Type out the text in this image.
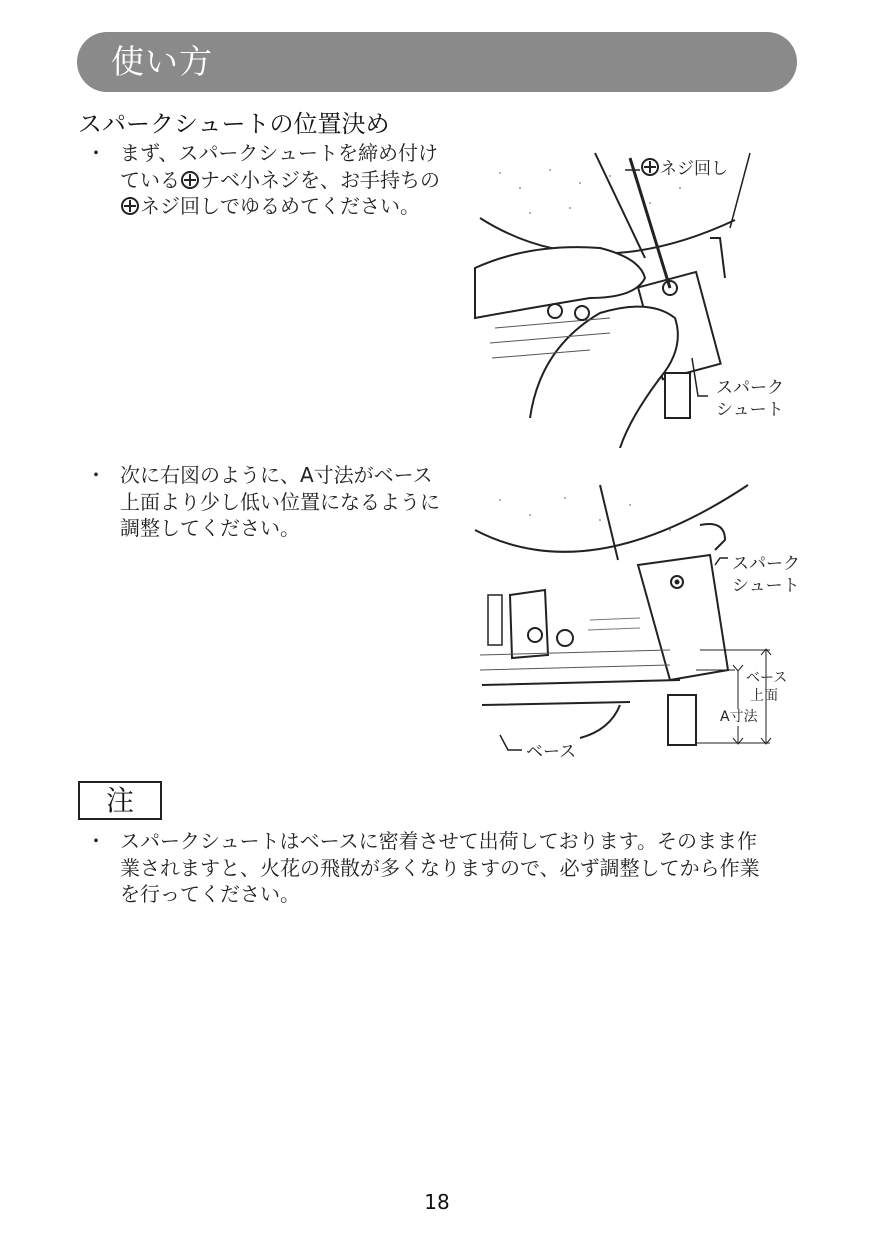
使い方
スパークシュートの位置決め
・ まず、スパークシュートを締め付け
ている ナベ小ネジを、お手持ちの
ネジ回しでゆるめてください。
ネジ回し
スパーク
シュート
・ 次に右図のように、A寸法がベース
上面より少し低い位置になるように
調整してください。
スパーク
シュート
ベース
上面
A寸法
ベース
注
・ スパークシュートはベースに密着させて出荷しております。そのまま作
業されますと、火花の飛散が多くなりますので、必ず調整してから作業
を行ってください。
18
